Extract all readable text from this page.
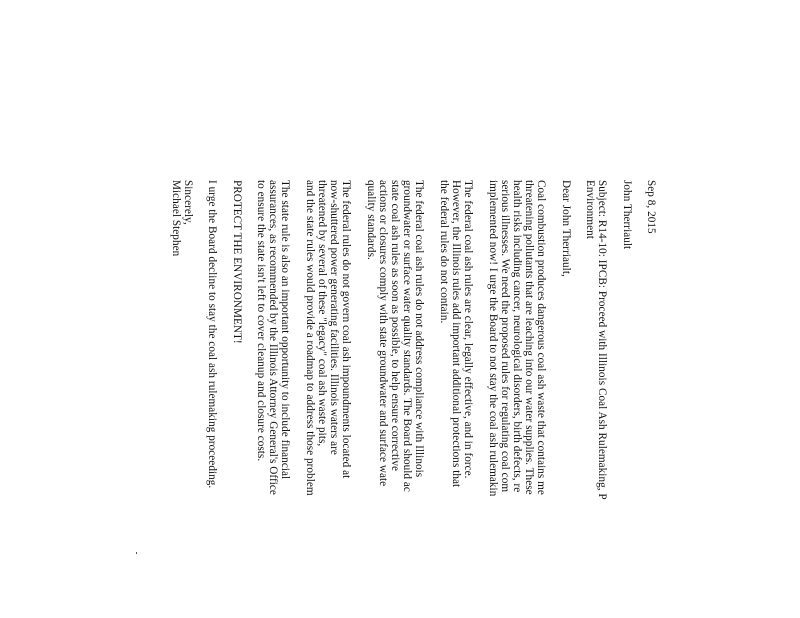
Sep 8, 2015
John Therriault
Subject: R14-10: IPCB: Proceed with Illinois Coal Ash Rulemaking, P
Environment
Dear John Therriault,
Coal combustion produces dangerous coal ash waste that contains me
threatening pollutants that are leaching into our water supplies. These
health risks including cancer, neurological disorders, birth defects, re
serious illnesses. We need the proposed rules for regulating coal com
implemented now! I urge the Board to not stay the coal ash rulemakin
The federal coal ash rules are clear, legally effective, and in force.
However, the Illinois rules add important additional protections that
the federal rules do not contain.
The federal coal ash rules do not address compliance with Illinois
groundwater or surface water quality standards. The Board should ac
state coal ash rules as soon as possible, to help ensure corrective
actions or closures comply with state groundwater and surface wate
quality standards.
The federal rules do not govern coal ash impoundments located at
now-shuttered power generating facilities. Illinois waters are
threatened by several of these "legacy" coal ash waste pits,
and the state rules would provide a roadmap to address those problem
The state rule is also an important opportunity to include financial
assurances, as recommended by the Illinois Attorney General's Office
to ensure the state isn't left to cover cleanup and closure costs.
PROTECT THE ENVIRONMENT!
I urge the Board decline to stay the coal ash rulemaking proceeding.
Sincerely,
Michael Stephen
